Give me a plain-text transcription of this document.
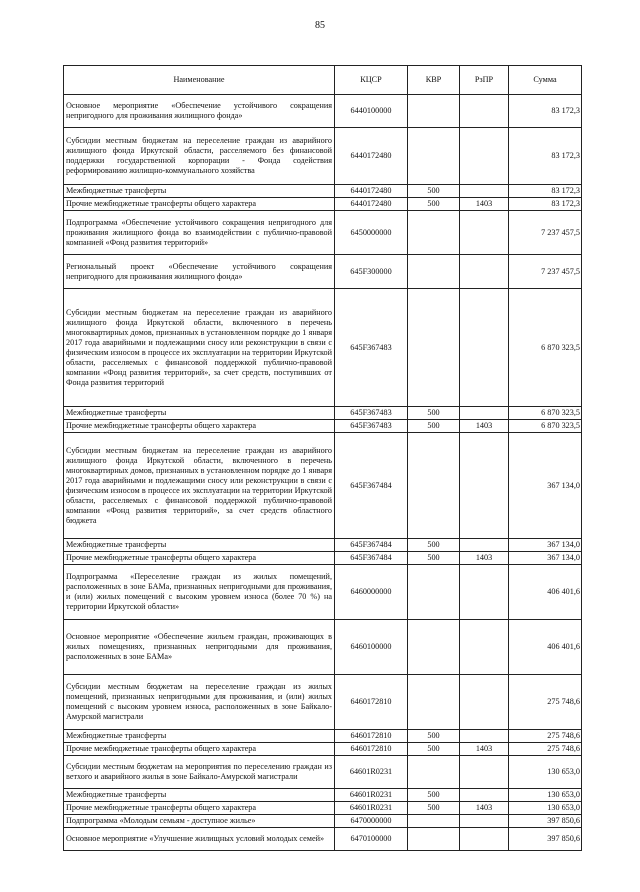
85
Наименование	КЦСР	КВР	РзПР	Сумма
Основное мероприятие «Обеспечение устойчивого сокращения непригодного для проживания жилищного фонда»	6440100000			83 172,3
Субсидии местным бюджетам на переселение граждан из аварийного жилищного фонда Иркутской области, расселяемого без финансовой поддержки государственной корпорации - Фонда содействия реформированию жилищно-коммунального хозяйства	6440172480			83 172,3
Межбюджетные трансферты	6440172480	500		83 172,3
Прочие межбюджетные трансферты общего характера	6440172480	500	1403	83 172,3
Подпрограмма «Обеспечение устойчивого сокращения непригодного для проживания жилищного фонда во взаимодействии с публично-правовой компанией «Фонд развития территорий»	6450000000			7 237 457,5
Региональный проект «Обеспечение устойчивого сокращения непригодного для проживания жилищного фонда»	645F300000			7 237 457,5
Субсидии местным бюджетам на переселение граждан из аварийного жилищного фонда Иркутской области, включенного в перечень многоквартирных домов, признанных в установленном порядке до 1 января 2017 года аварийными и подлежащими сносу или реконструкции в связи с физическим износом в процессе их эксплуатации на территории Иркутской области, расселяемых с финансовой поддержкой публично-правовой компании «Фонд развития территорий», за счет средств, поступивших от Фонда развития территорий	645F367483			6 870 323,5
Межбюджетные трансферты	645F367483	500		6 870 323,5
Прочие межбюджетные трансферты общего характера	645F367483	500	1403	6 870 323,5
Субсидии местным бюджетам на переселение граждан из аварийного жилищного фонда Иркутской области, включенного в перечень многоквартирных домов, признанных в установленном порядке до 1 января 2017 года аварийными и подлежащими сносу или реконструкции в связи с физическим износом в процессе их эксплуатации на территории Иркутской области, расселяемых с финансовой поддержкой публично-правовой компании «Фонд развития территорий», за счет средств областного бюджета	645F367484			367 134,0
Межбюджетные трансферты	645F367484	500		367 134,0
Прочие межбюджетные трансферты общего характера	645F367484	500	1403	367 134,0
Подпрограмма «Переселение граждан из жилых помещений, расположенных в зоне БАМа, признанных непригодными для проживания, и (или) жилых помещений с высоким уровнем износа (более 70 %) на территории Иркутской области»	6460000000			406 401,6
Основное мероприятие «Обеспечение жильем граждан, проживающих в жилых помещениях, признанных непригодными для проживания, расположенных в зоне БАМа»	6460100000			406 401,6
Субсидии местным бюджетам на переселение граждан из жилых помещений, признанных непригодными для проживания, и (или) жилых помещений с высоким уровнем износа, расположенных в зоне Байкало-Амурской магистрали	6460172810			275 748,6
Межбюджетные трансферты	6460172810	500		275 748,6
Прочие межбюджетные трансферты общего характера	6460172810	500	1403	275 748,6
Субсидии местным бюджетам на мероприятия по переселению граждан из ветхого и аварийного жилья в зоне Байкало-Амурской магистрали	64601R0231			130 653,0
Межбюджетные трансферты	64601R0231	500		130 653,0
Прочие межбюджетные трансферты общего характера	64601R0231	500	1403	130 653,0
Подпрограмма «Молодым семьям - доступное жилье»	6470000000			397 850,6
Основное мероприятие «Улучшение жилищных условий молодых семей»	6470100000			397 850,6
